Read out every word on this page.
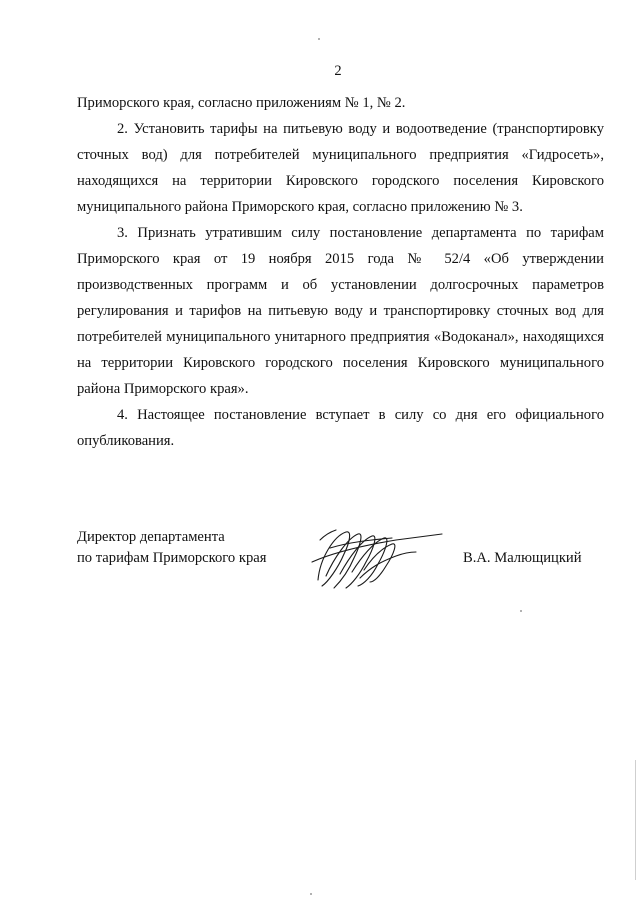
2

Приморского края, согласно приложениям № 1, № 2.

2. Установить тарифы на питьевую воду и водоотведение (транспортировку сточных вод) для потребителей муниципального предприятия «Гидросеть», находящихся на территории Кировского городского поселения Кировского муниципального района Приморского края, согласно приложению № 3.

3. Признать утратившим силу постановление департамента по тарифам Приморского края от 19 ноября 2015 года № 52/4 «Об утверждении производственных программ и об установлении долгосрочных параметров регулирования и тарифов на питьевую воду и транспортировку сточных вод для потребителей муниципального унитарного предприятия «Водоканал», находящихся на территории Кировского городского поселения Кировского муниципального района Приморского края».

4. Настоящее постановление вступает в силу со дня его официального опубликования.

Директор департамента
по тарифам Приморского края	В.А. Малющицкий
